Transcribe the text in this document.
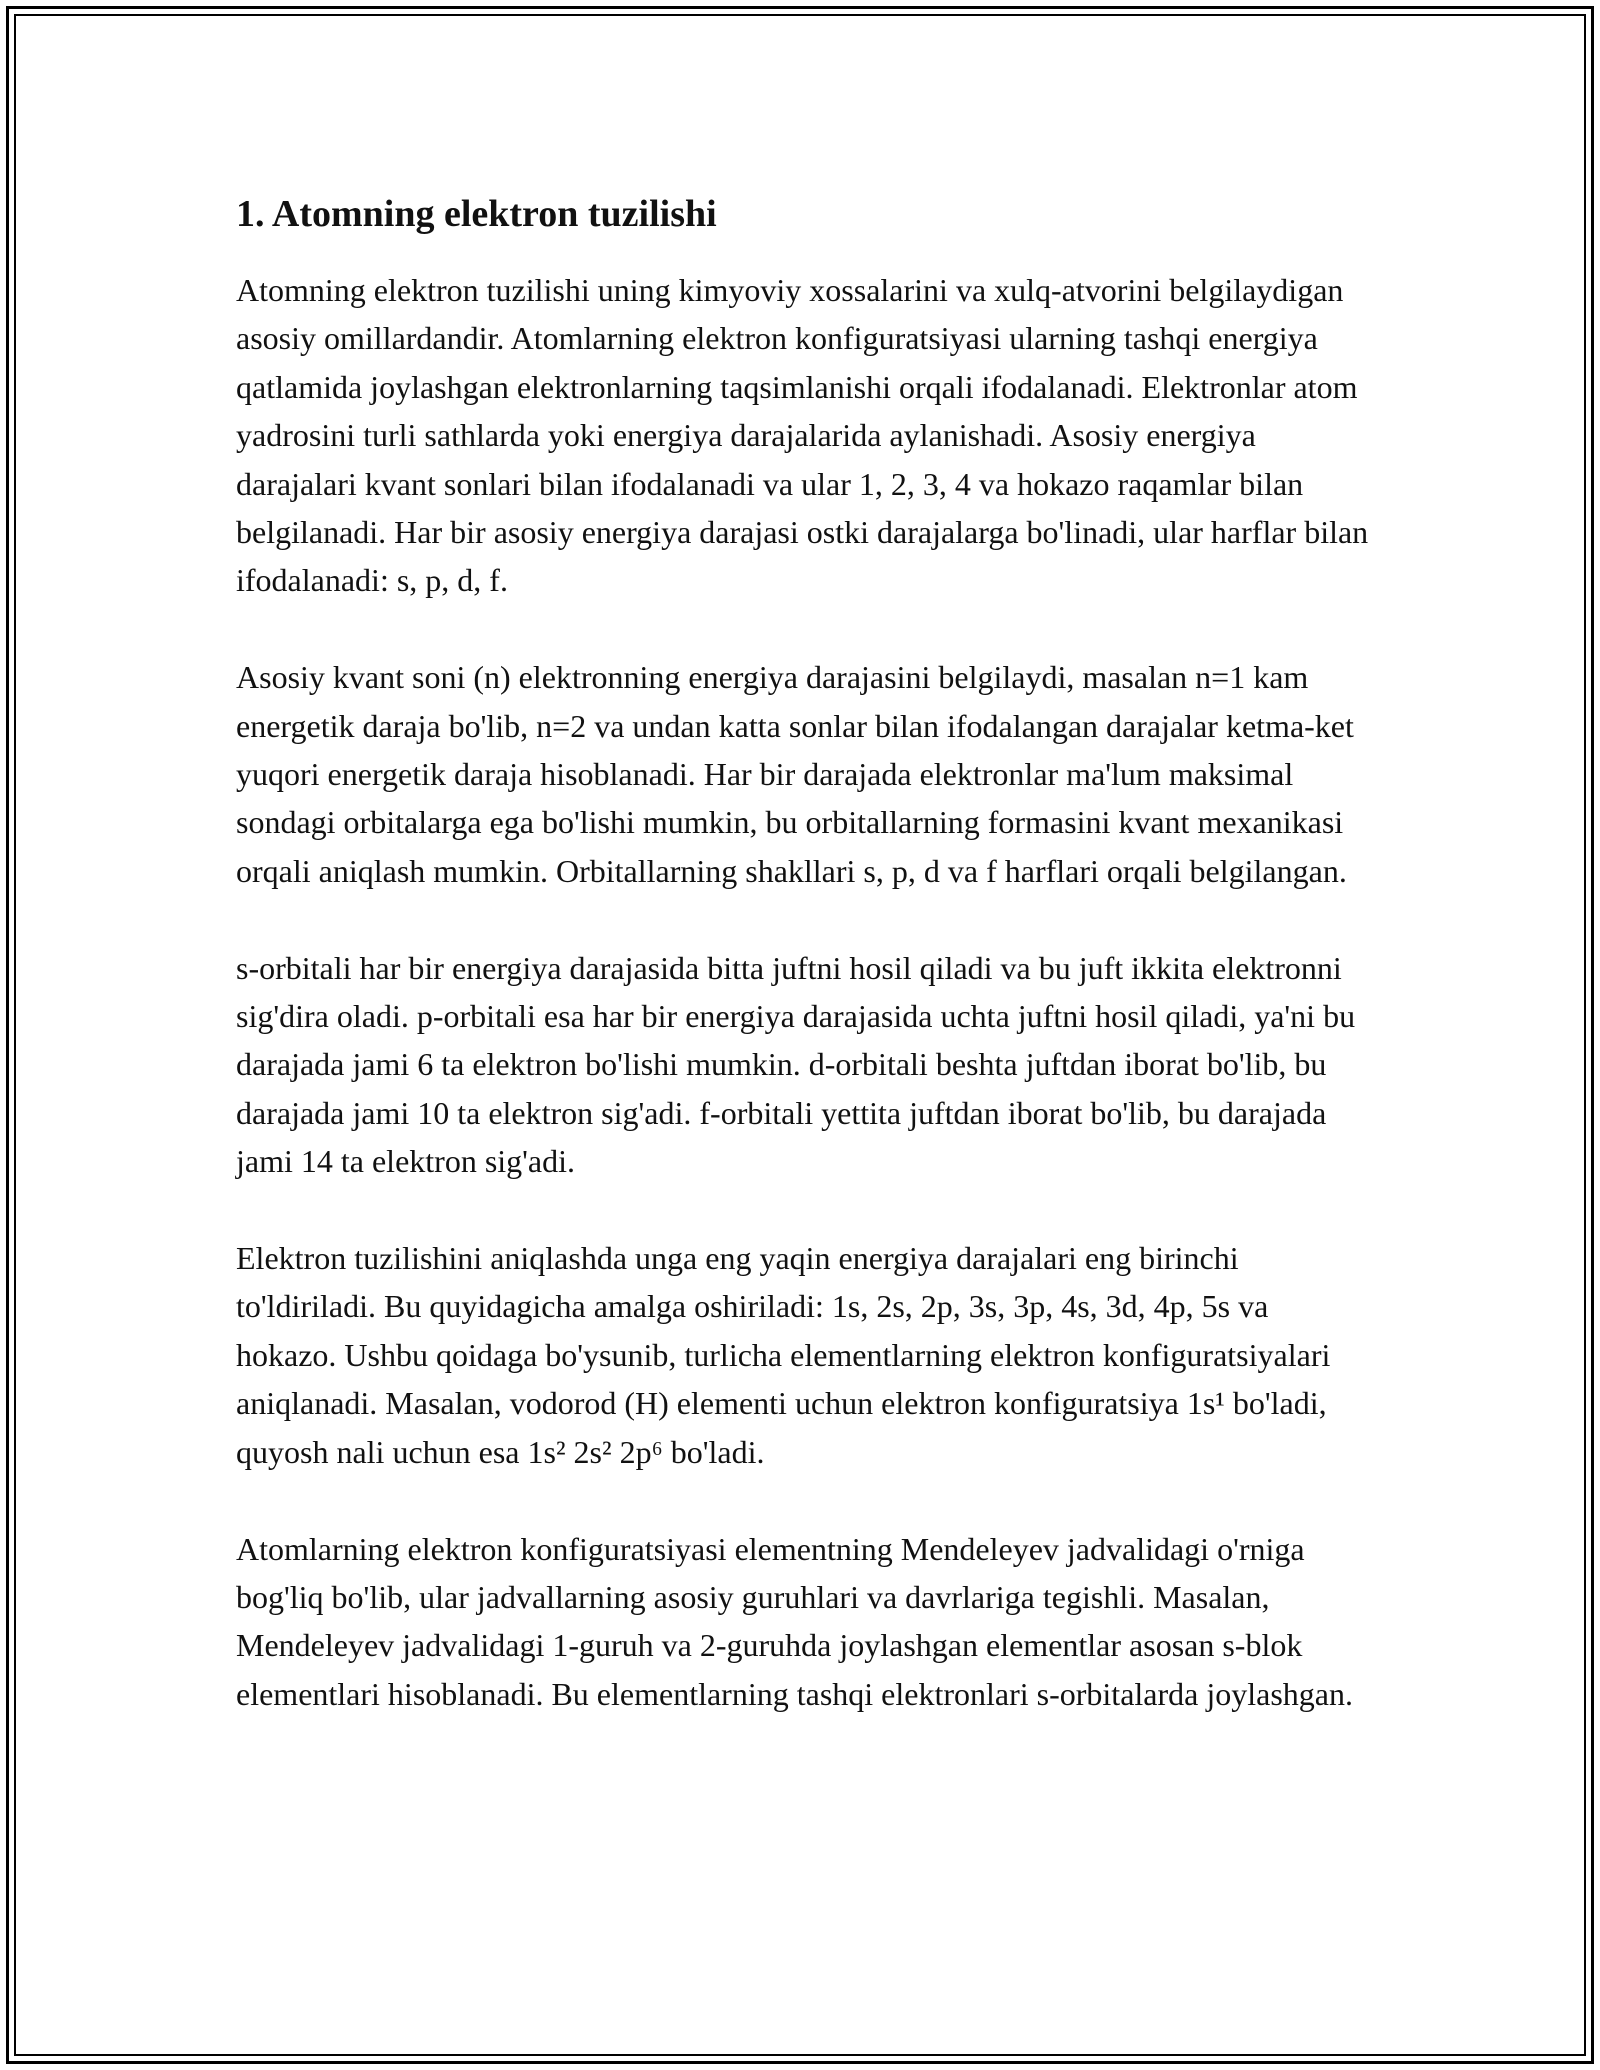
1. Atomning elektron tuzilishi

Atomning elektron tuzilishi uning kimyoviy xossalarini va xulq-atvorini belgilaydigan asosiy omillardandir. Atomlarning elektron konfiguratsiyasi ularning tashqi energiya qatlamida joylashgan elektronlarning taqsimlanishi orqali ifodalanadi. Elektronlar atom yadrosini turli sathlarda yoki energiya darajalarida aylanishadi. Asosiy energiya darajalari kvant sonlari bilan ifodalanadi va ular 1, 2, 3, 4 va hokazo raqamlar bilan belgilanadi. Har bir asosiy energiya darajasi ostki darajalarga bo'linadi, ular harflar bilan ifodalanadi: s, p, d, f.

Asosiy kvant soni (n) elektronning energiya darajasini belgilaydi, masalan n=1 kam energetik daraja bo'lib, n=2 va undan katta sonlar bilan ifodalangan darajalar ketma-ket yuqori energetik daraja hisoblanadi. Har bir darajada elektronlar ma'lum maksimal sondagi orbitalarga ega bo'lishi mumkin, bu orbitallarning formasini kvant mexanikasi orqali aniqlash mumkin. Orbitallarning shakllari s, p, d va f harflari orqali belgilangan.

s-orbitali har bir energiya darajasida bitta juftni hosil qiladi va bu juft ikkita elektronni sig'dira oladi. p-orbitali esa har bir energiya darajasida uchta juftni hosil qiladi, ya'ni bu darajada jami 6 ta elektron bo'lishi mumkin. d-orbitali beshta juftdan iborat bo'lib, bu darajada jami 10 ta elektron sig'adi. f-orbitali yettita juftdan iborat bo'lib, bu darajada jami 14 ta elektron sig'adi.

Elektron tuzilishini aniqlashda unga eng yaqin energiya darajalari eng birinchi to'ldiriladi. Bu quyidagicha amalga oshiriladi: 1s, 2s, 2p, 3s, 3p, 4s, 3d, 4p, 5s va hokazo. Ushbu qoidaga bo'ysunib, turlicha elementlarning elektron konfiguratsiyalari aniqlanadi. Masalan, vodorod (H) elementi uchun elektron konfiguratsiya 1s¹ bo'ladi, quyosh nali uchun esa 1s² 2s² 2p⁶ bo'ladi.

Atomlarning elektron konfiguratsiyasi elementning Mendeleyev jadvalidagi o'rniga bog'liq bo'lib, ular jadvallarning asosiy guruhlari va davrlariga tegishli. Masalan, Mendeleyev jadvalidagi 1-guruh va 2-guruhda joylashgan elementlar asosan s-blok elementlari hisoblanadi. Bu elementlarning tashqi elektronlari s-orbitalarda joylashgan.
